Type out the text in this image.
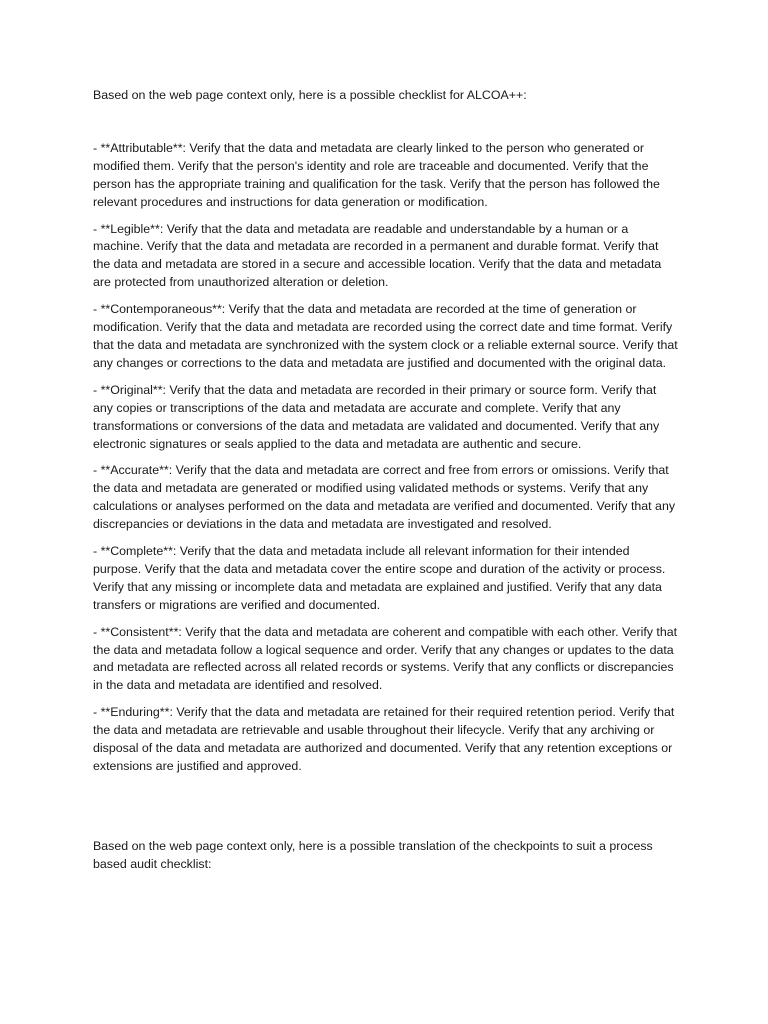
Based on the web page context only, here is a possible checklist for ALCOA++:

- **Attributable**: Verify that the data and metadata are clearly linked to the person who generated or modified them. Verify that the person's identity and role are traceable and documented. Verify that the person has the appropriate training and qualification for the task. Verify that the person has followed the relevant procedures and instructions for data generation or modification.

- **Legible**: Verify that the data and metadata are readable and understandable by a human or a machine. Verify that the data and metadata are recorded in a permanent and durable format. Verify that the data and metadata are stored in a secure and accessible location. Verify that the data and metadata are protected from unauthorized alteration or deletion.

- **Contemporaneous**: Verify that the data and metadata are recorded at the time of generation or modification. Verify that the data and metadata are recorded using the correct date and time format. Verify that the data and metadata are synchronized with the system clock or a reliable external source. Verify that any changes or corrections to the data and metadata are justified and documented with the original data.

- **Original**: Verify that the data and metadata are recorded in their primary or source form. Verify that any copies or transcriptions of the data and metadata are accurate and complete. Verify that any transformations or conversions of the data and metadata are validated and documented. Verify that any electronic signatures or seals applied to the data and metadata are authentic and secure.

- **Accurate**: Verify that the data and metadata are correct and free from errors or omissions. Verify that the data and metadata are generated or modified using validated methods or systems. Verify that any calculations or analyses performed on the data and metadata are verified and documented. Verify that any discrepancies or deviations in the data and metadata are investigated and resolved.

- **Complete**: Verify that the data and metadata include all relevant information for their intended purpose. Verify that the data and metadata cover the entire scope and duration of the activity or process. Verify that any missing or incomplete data and metadata are explained and justified. Verify that any data transfers or migrations are verified and documented.

- **Consistent**: Verify that the data and metadata are coherent and compatible with each other. Verify that the data and metadata follow a logical sequence and order. Verify that any changes or updates to the data and metadata are reflected across all related records or systems. Verify that any conflicts or discrepancies in the data and metadata are identified and resolved.

- **Enduring**: Verify that the data and metadata are retained for their required retention period. Verify that the data and metadata are retrievable and usable throughout their lifecycle. Verify that any archiving or disposal of the data and metadata are authorized and documented. Verify that any retention exceptions or extensions are justified and approved.

Based on the web page context only, here is a possible translation of the checkpoints to suit a process based audit checklist:
